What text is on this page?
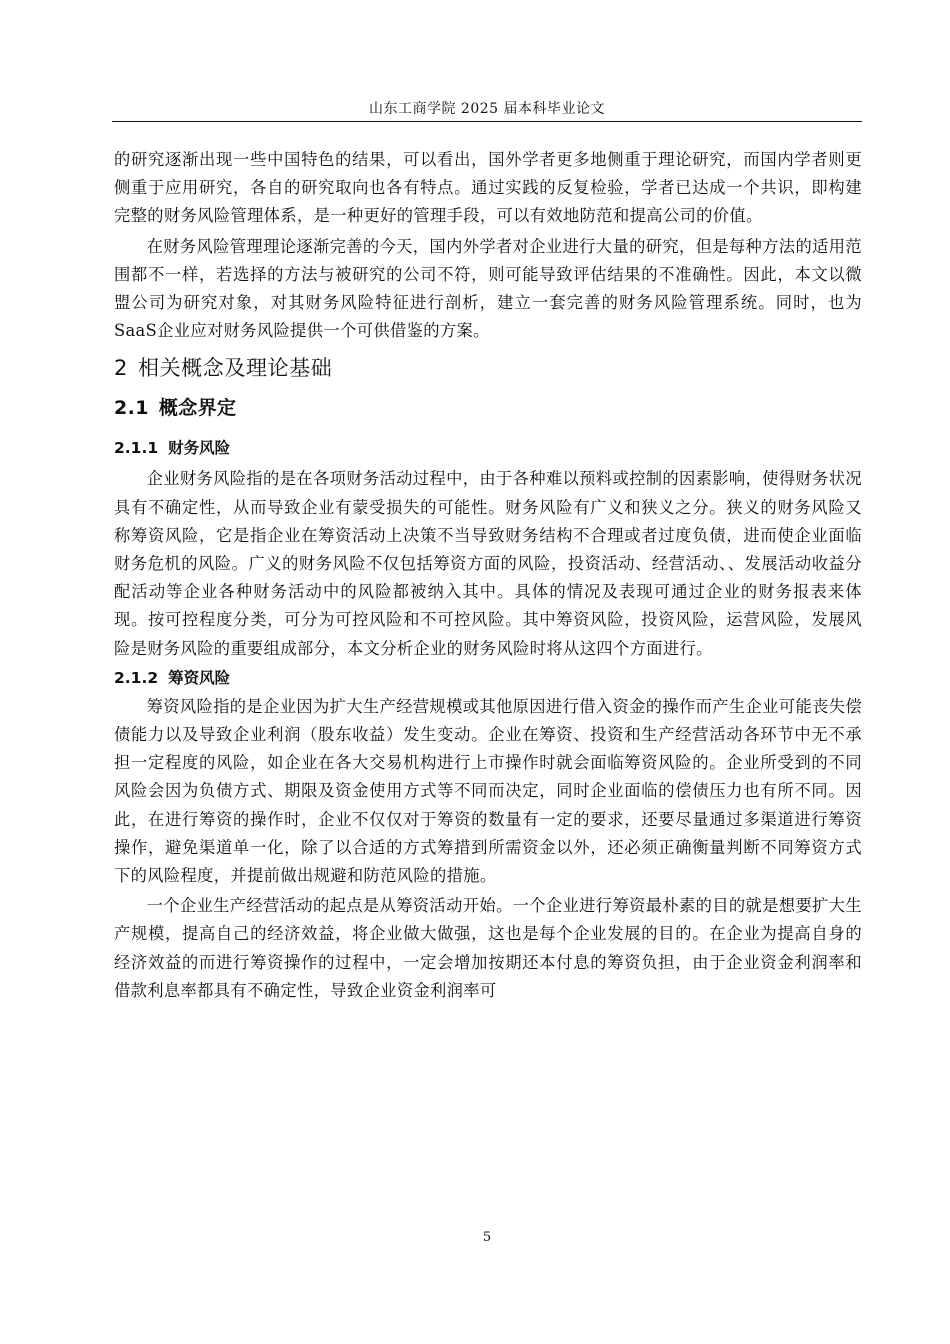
山东工商学院 2025 届本科毕业论文

的研究逐渐出现一些中国特色的结果，可以看出，国外学者更多地侧重于理论研究，而国内学者则更侧重于应用研究，各自的研究取向也各有特点。通过实践的反复检验，学者已达成一个共识，即构建完整的财务风险管理体系，是一种更好的管理手段，可以有效地防范和提高公司的价值。

在财务风险管理理论逐渐完善的今天，国内外学者对企业进行大量的研究，但是每种方法的适用范围都不一样，若选择的方法与被研究的公司不符，则可能导致评估结果的不准确性。因此，本文以微盟公司为研究对象，对其财务风险特征进行剖析，建立一套完善的财务风险管理系统。同时，也为SaaS企业应对财务风险提供一个可供借鉴的方案。

2 相关概念及理论基础
2.1 概念界定
2.1.1 财务风险

企业财务风险指的是在各项财务活动过程中，由于各种难以预料或控制的因素影响，使得财务状况具有不确定性，从而导致企业有蒙受损失的可能性。财务风险有广义和狭义之分。狭义的财务风险又称筹资风险，它是指企业在筹资活动上决策不当导致财务结构不合理或者过度负债，进而使企业面临财务危机的风险。广义的财务风险不仅包括筹资方面的风险，投资活动、经营活动、、发展活动收益分配活动等企业各种财务活动中的风险都被纳入其中。具体的情况及表现可通过企业的财务报表来体现。按可控程度分类，可分为可控风险和不可控风险。其中筹资风险，投资风险，运营风险，发展风险是财务风险的重要组成部分，本文分析企业的财务风险时将从这四个方面进行。

2.1.2 筹资风险

筹资风险指的是企业因为扩大生产经营规模或其他原因进行借入资金的操作而产生企业可能丧失偿债能力以及导致企业利润（股东收益）发生变动。企业在筹资、投资和生产经营活动各环节中无不承担一定程度的风险，如企业在各大交易机构进行上市操作时就会面临筹资风险的。企业所受到的不同风险会因为负债方式、期限及资金使用方式等不同而决定，同时企业面临的偿债压力也有所不同。因此，在进行筹资的操作时，企业不仅仅对于筹资的数量有一定的要求，还要尽量通过多渠道进行筹资操作，避免渠道单一化，除了以合适的方式筹措到所需资金以外，还必须正确衡量判断不同筹资方式下的风险程度，并提前做出规避和防范风险的措施。

一个企业生产经营活动的起点是从筹资活动开始。一个企业进行筹资最朴素的目的就是想要扩大生产规模，提高自己的经济效益，将企业做大做强，这也是每个企业发展的目的。在企业为提高自身的经济效益的而进行筹资操作的过程中，一定会增加按期还本付息的筹资负担，由于企业资金利润率和借款利息率都具有不确定性，导致企业资金利润率可

5
